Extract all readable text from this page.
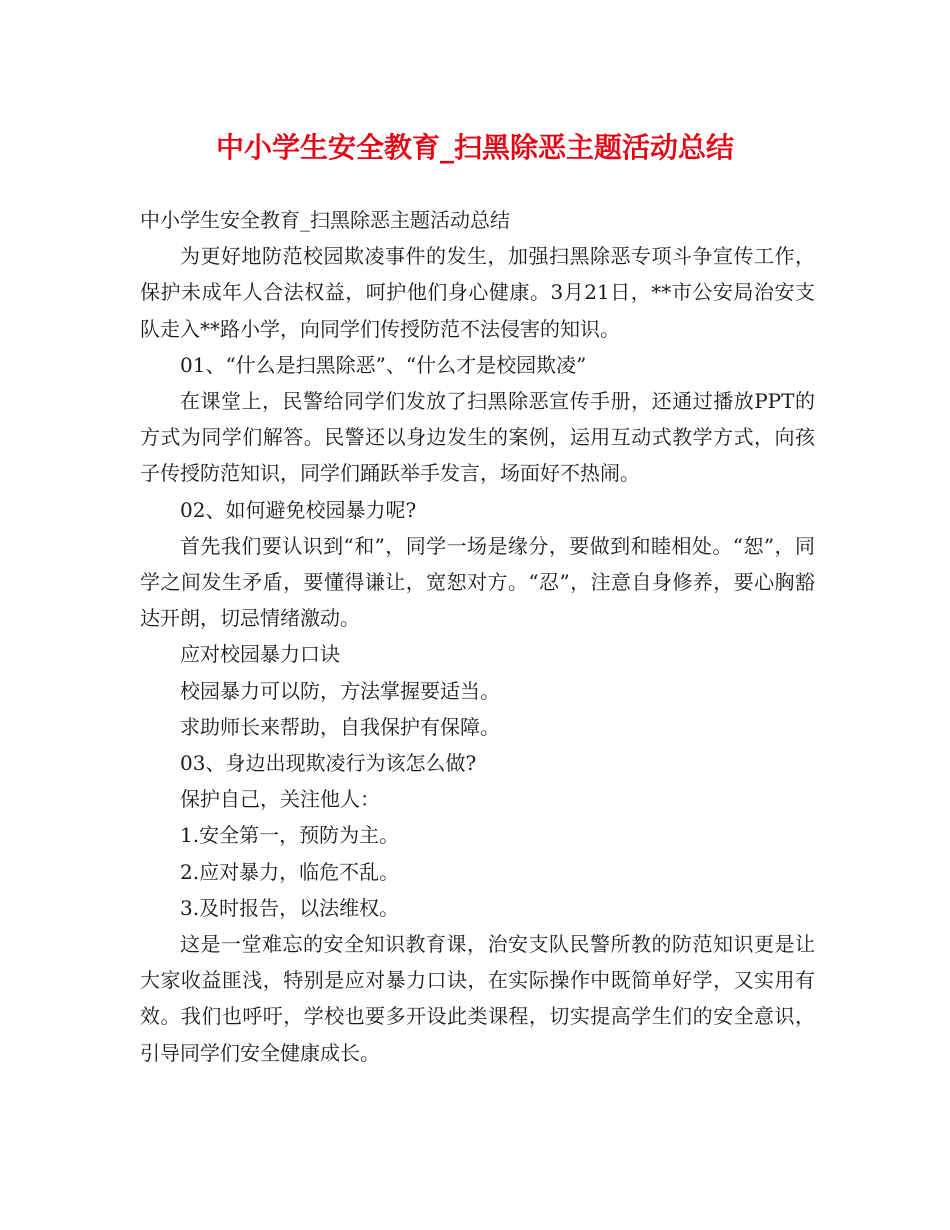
中小学生安全教育_扫黑除恶主题活动总结

中小学生安全教育_扫黑除恶主题活动总结

为更好地防范校园欺凌事件的发生，加强扫黑除恶专项斗争宣传工作，保护未成年人合法权益，呵护他们身心健康。3月21日，**市公安局治安支队走入**路小学，向同学们传授防范不法侵害的知识。

01、“什么是扫黑除恶”、“什么才是校园欺凌”

在课堂上，民警给同学们发放了扫黑除恶宣传手册，还通过播放PPT的方式为同学们解答。民警还以身边发生的案例，运用互动式教学方式，向孩子传授防范知识，同学们踊跃举手发言，场面好不热闹。

02、如何避免校园暴力呢?

首先我们要认识到“和”，同学一场是缘分，要做到和睦相处。“恕”，同学之间发生矛盾，要懂得谦让，宽恕对方。“忍”，注意自身修养，要心胸豁达开朗，切忌情绪激动。

应对校园暴力口诀

校园暴力可以防，方法掌握要适当。

求助师长来帮助，自我保护有保障。

03、身边出现欺凌行为该怎么做?

保护自己，关注他人：

1.安全第一，预防为主。

2.应对暴力，临危不乱。

3.及时报告，以法维权。

这是一堂难忘的安全知识教育课，治安支队民警所教的防范知识更是让大家收益匪浅，特别是应对暴力口诀，在实际操作中既简单好学，又实用有效。我们也呼吁，学校也要多开设此类课程，切实提高学生们的安全意识，引导同学们安全健康成长。
